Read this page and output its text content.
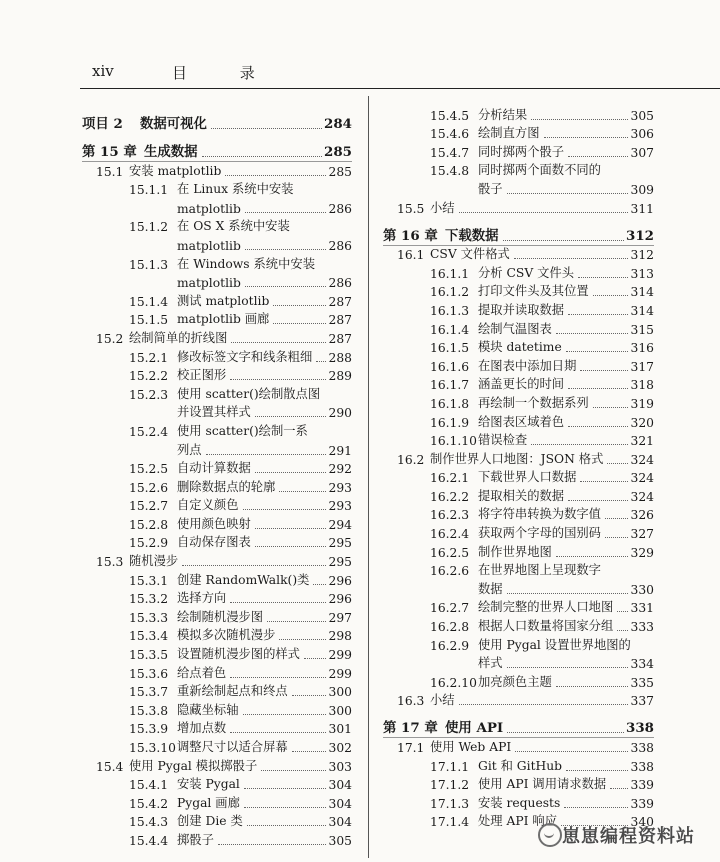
xiv	目 录
项目 2 数据可视化	284
第 15 章 生成数据	285
15.1 安装 matplotlib	285
15.1.1 在 Linux 系统中安装
matplotlib	286
15.1.2 在 OS X 系统中安装
matplotlib	286
15.1.3 在 Windows 系统中安装
matplotlib	286
15.1.4 测试 matplotlib	287
15.1.5 matplotlib 画廊	287
15.2 绘制简单的折线图	287
15.2.1 修改标签文字和线条粗细 288
15.2.2 校正图形	289
15.2.3 使用 scatter()绘制散点图
并设置其样式	290
15.2.4 使用 scatter()绘制一系
列点	291
15.2.5 自动计算数据	292
15.2.6 删除数据点的轮廓	293
15.2.7 自定义颜色	293
15.2.8 使用颜色映射	294
15.2.9 自动保存图表	295
15.3 随机漫步	295
15.3.1 创建 RandomWalk()类 296
15.3.2 选择方向	296
15.3.3 绘制随机漫步图	297
15.3.4 模拟多次随机漫步	298
15.3.5 设置随机漫步图的样式 299
15.3.6 给点着色	299
15.3.7 重新绘制起点和终点	300
15.3.8 隐藏坐标轴	300
15.3.9 增加点数	301
15.3.10 调整尺寸以适合屏幕	302
15.4 使用 Pygal 模拟掷骰子	303
15.4.1 安装 Pygal	304
15.4.2 Pygal 画廊	304
15.4.3 创建 Die 类	304
15.4.4 掷骰子	305
15.4.5 分析结果	305
15.4.6 绘制直方图	306
15.4.7 同时掷两个骰子	307
15.4.8 同时掷两个面数不同的
骰子	309
15.5 小结	311
第 16 章 下载数据	312
16.1 CSV 文件格式	312
16.1.1 分析 CSV 文件头	313
16.1.2 打印文件头及其位置	314
16.1.3 提取并读取数据	314
16.1.4 绘制气温图表	315
16.1.5 模块 datetime	316
16.1.6 在图表中添加日期	317
16.1.7 涵盖更长的时间	318
16.1.8 再绘制一个数据系列	319
16.1.9 给图表区域着色	320
16.1.10 错误检查	321
16.2 制作世界人口地图：JSON 格式 324
16.2.1 下载世界人口数据	324
16.2.2 提取相关的数据	324
16.2.3 将字符串转换为数字值 326
16.2.4 获取两个字母的国别码 327
16.2.5 制作世界地图	329
16.2.6 在世界地图上呈现数字
数据	330
16.2.7 绘制完整的世界人口地图 331
16.2.8 根据人口数量将国家分组 333
16.2.9 使用 Pygal 设置世界地图的
样式	334
16.2.10 加亮颜色主题	335
16.3 小结	337
第 17 章 使用 API	338
17.1 使用 Web API	338
17.1.1 Git 和 GitHub	338
17.1.2 使用 API 调用请求数据 339
17.1.3 安装 requests	339
17.1.4 处理 API 响应	340
崽崽编程资料站
